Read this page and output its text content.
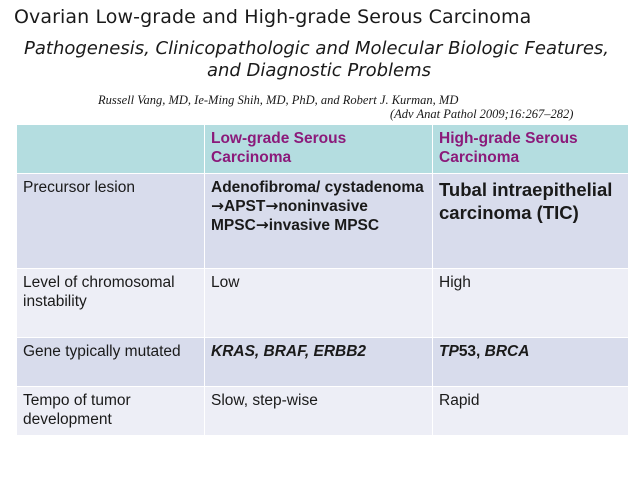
Ovarian Low-grade and High-grade Serous Carcinoma
Pathogenesis, Clinicopathologic and Molecular Biologic Features,
and Diagnostic Problems
Russell Vang, MD, Ie-Ming Shih, MD, PhD, and Robert J. Kurman, MD
(Adv Anat Pathol 2009;16:267–282)
	Low-grade Serous Carcinoma	High-grade Serous Carcinoma
Precursor lesion	Adenofibroma/ cystadenoma →APST→noninvasive MPSC→invasive MPSC	Tubal intraepithelial carcinoma (TIC)
Level of chromosomal instability	Low	High
Gene typically mutated	KRAS, BRAF, ERBB2	TP53, BRCA
Tempo of tumor development	Slow, step-wise	Rapid
